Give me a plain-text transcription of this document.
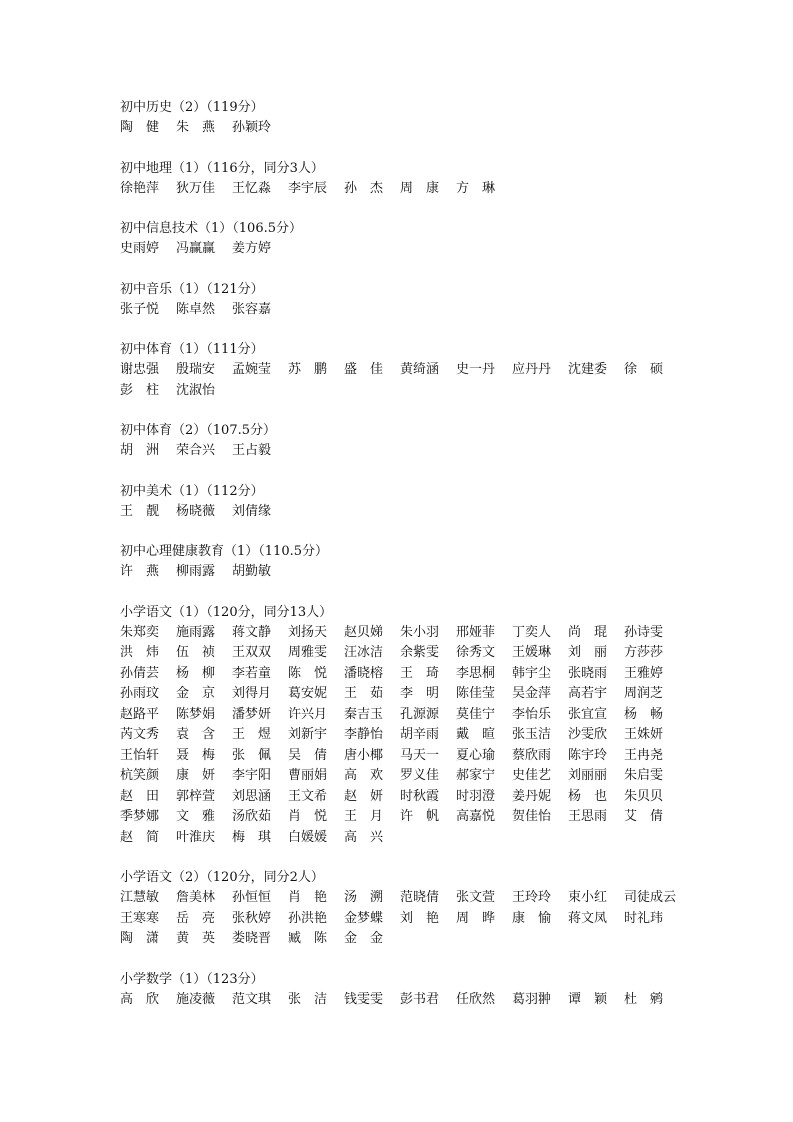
初中历史（2）（119分）
陶　健	朱　燕	孙颖玲
初中地理（1）（116分，同分3人）
徐艳萍	狄万佳	王忆淼	李宇辰	孙　杰	周　康	方　琳
初中信息技术（1）（106.5分）
史雨婷	冯赢赢	姜方婷
初中音乐（1）（121分）
张子悦	陈卓然	张容嘉
初中体育（1）（111分）
谢忠强	殷瑞安	孟婉莹	苏　鹏	盛　佳	黄绮涵	史一丹	应丹丹	沈建委	徐　硕
彭　柱	沈淑怡
初中体育（2）（107.5分）
胡　洲	荣合兴	王占毅
初中美术（1）（112分）
王　靓	杨晓薇	刘倩缘
初中心理健康教育（1）（110.5分）
许　燕	柳雨露	胡勤敏
小学语文（1）（120分，同分13人）
朱郑奕	施雨露	蒋文静	刘扬天	赵贝娣	朱小羽	邢娅菲	丁奕人	尚　琨	孙诗雯
洪　炜	伍　祯	王双双	周雅雯	汪冰洁	余紫雯	徐秀文	王媛琳	刘　丽	方莎莎
孙倩芸	杨　柳	李若童	陈　悦	潘晓榕	王　琦	李思桐	韩宇尘	张晓雨	王雅婷
孙雨玟	金　京	刘得月	葛安妮	王　茹	李　明	陈佳莹	吴金萍	高若宇	周润芝
赵路平	陈梦娟	潘梦妍	许兴月	秦吉玉	孔源源	莫佳宁	李怡乐	张宜宣	杨　畅
芮文秀	袁　含	王　煜	刘新宇	李静怡	胡辛雨	戴　暄	张玉洁	沙雯欣	王姝妍
王怡轩	聂　梅	张　佩	吴　倩	唐小椰	马天一	夏心瑜	蔡欣雨	陈宇玲	王冉尧
杭笑颜	康　妍	李宇阳	曹丽娟	高　欢	罗义佳	郝家宁	史佳艺	刘丽丽	朱启雯
赵　田	郭梓萱	刘思涵	王文希	赵　妍	时秋霞	时羽澄	姜丹妮	杨　也	朱贝贝
季梦娜	文　雅	汤欣茹	肖　悦	王　月	许　帆	高嘉悦	贺佳怡	王思雨	艾　倩
赵　简	叶淮庆	梅　琪	白媛媛	高　兴
小学语文（2）（120分，同分2人）
江慧敏	詹美林	孙恒恒	肖　艳	汤　溯	范晓倩	张文萱	王玲玲	束小红	司徒成云
王寒寒	岳　亮	张秋婷	孙洪艳	金梦蝶	刘　艳	周　晔	康　愉	蒋文凤	时礼玮
陶　潇	黄　英	娄晓晋	臧　陈	金　金
小学数学（1）（123分）
高　欣	施凌薇	范文琪	张　洁	钱雯雯	彭书君	任欣然	葛羽翀	谭　颖	杜　鹓
